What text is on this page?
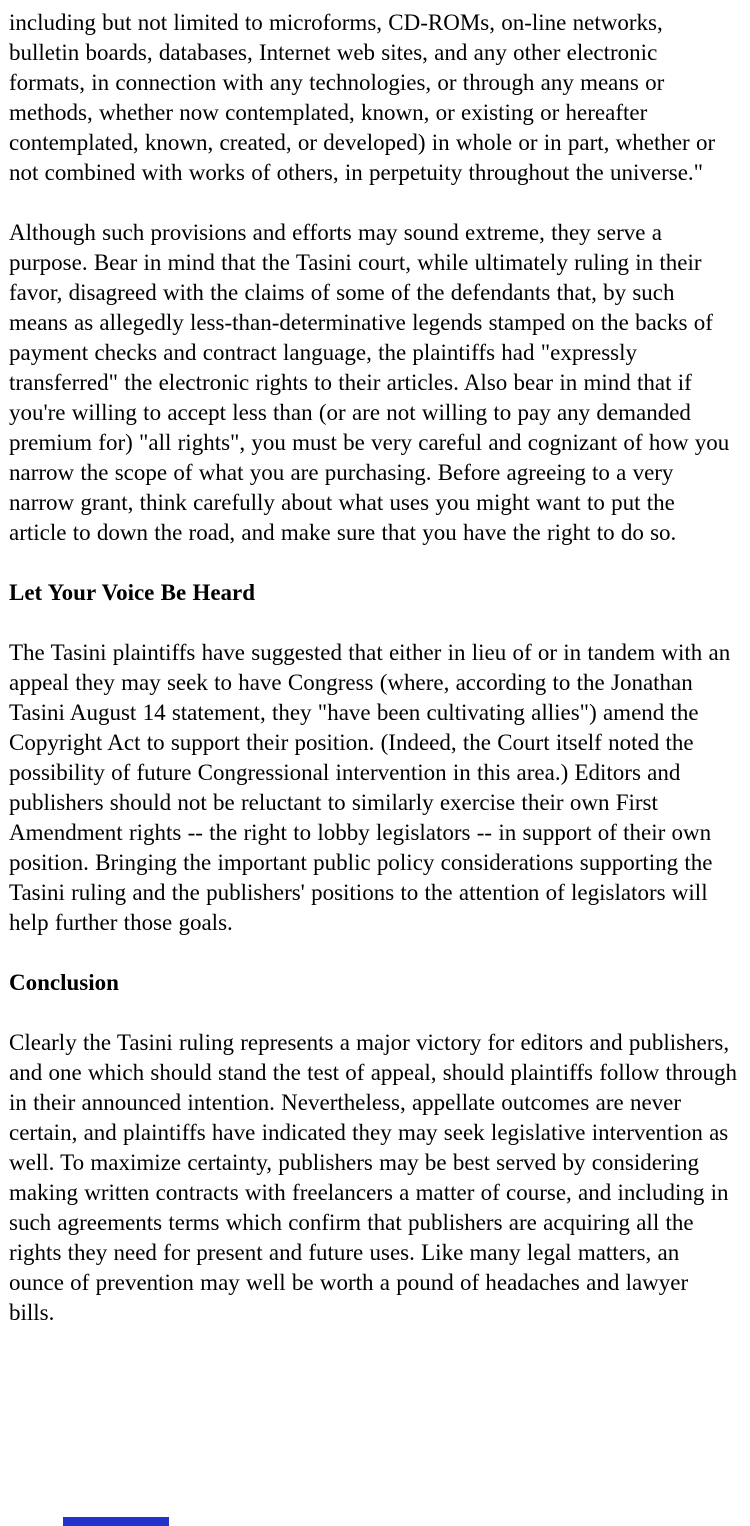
including but not limited to microforms, CD-ROMs, on-line networks, bulletin boards, databases, Internet web sites, and any other electronic formats, in connection with any technologies, or through any means or methods, whether now contemplated, known, or existing or hereafter contemplated, known, created, or developed) in whole or in part, whether or not combined with works of others, in perpetuity throughout the universe."

Although such provisions and efforts may sound extreme, they serve a purpose. Bear in mind that the Tasini court, while ultimately ruling in their favor, disagreed with the claims of some of the defendants that, by such means as allegedly less-than-determinative legends stamped on the backs of payment checks and contract language, the plaintiffs had "expressly transferred" the electronic rights to their articles. Also bear in mind that if you're willing to accept less than (or are not willing to pay any demanded premium for) "all rights", you must be very careful and cognizant of how you narrow the scope of what you are purchasing. Before agreeing to a very narrow grant, think carefully about what uses you might want to put the article to down the road, and make sure that you have the right to do so.

Let Your Voice Be Heard

The Tasini plaintiffs have suggested that either in lieu of or in tandem with an appeal they may seek to have Congress (where, according to the Jonathan Tasini August 14 statement, they "have been cultivating allies") amend the Copyright Act to support their position. (Indeed, the Court itself noted the possibility of future Congressional intervention in this area.) Editors and publishers should not be reluctant to similarly exercise their own First Amendment rights -- the right to lobby legislators -- in support of their own position. Bringing the important public policy considerations supporting the Tasini ruling and the publishers' positions to the attention of legislators will help further those goals.

Conclusion

Clearly the Tasini ruling represents a major victory for editors and publishers, and one which should stand the test of appeal, should plaintiffs follow through in their announced intention. Nevertheless, appellate outcomes are never certain, and plaintiffs have indicated they may seek legislative intervention as well. To maximize certainty, publishers may be best served by considering making written contracts with freelancers a matter of course, and including in such agreements terms which confirm that publishers are acquiring all the rights they need for present and future uses. Like many legal matters, an ounce of prevention may well be worth a pound of headaches and lawyer bills.
